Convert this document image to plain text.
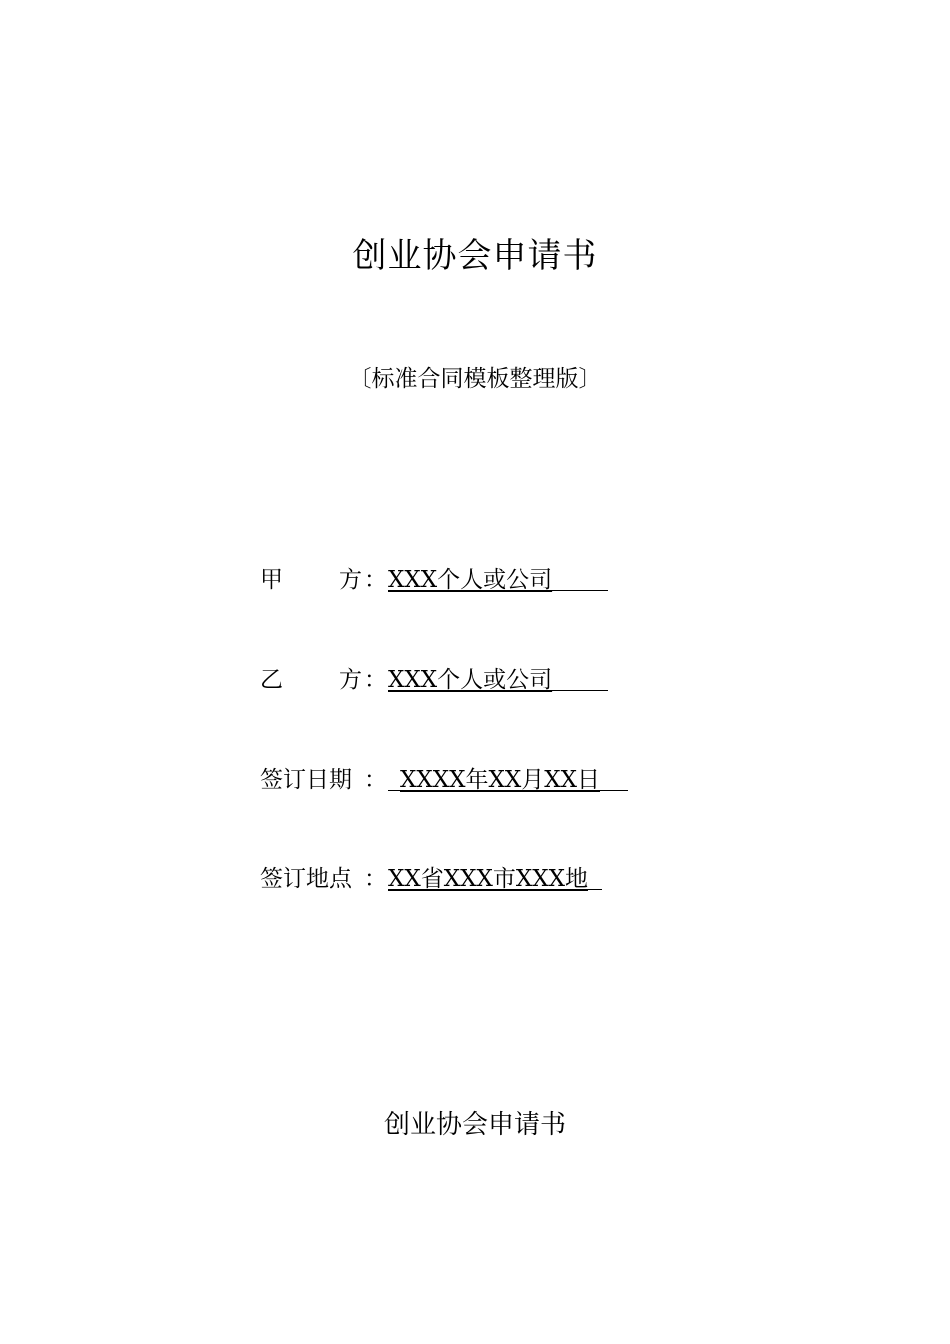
创业协会申请书
〔标准合同模板整理版〕
甲 方 ： XXX个人或公司
乙 方 ： XXX个人或公司
签订日期 ： XXXX年XX月XX日
签订地点 ： XX省XXX市XXX地
创业协会申请书
